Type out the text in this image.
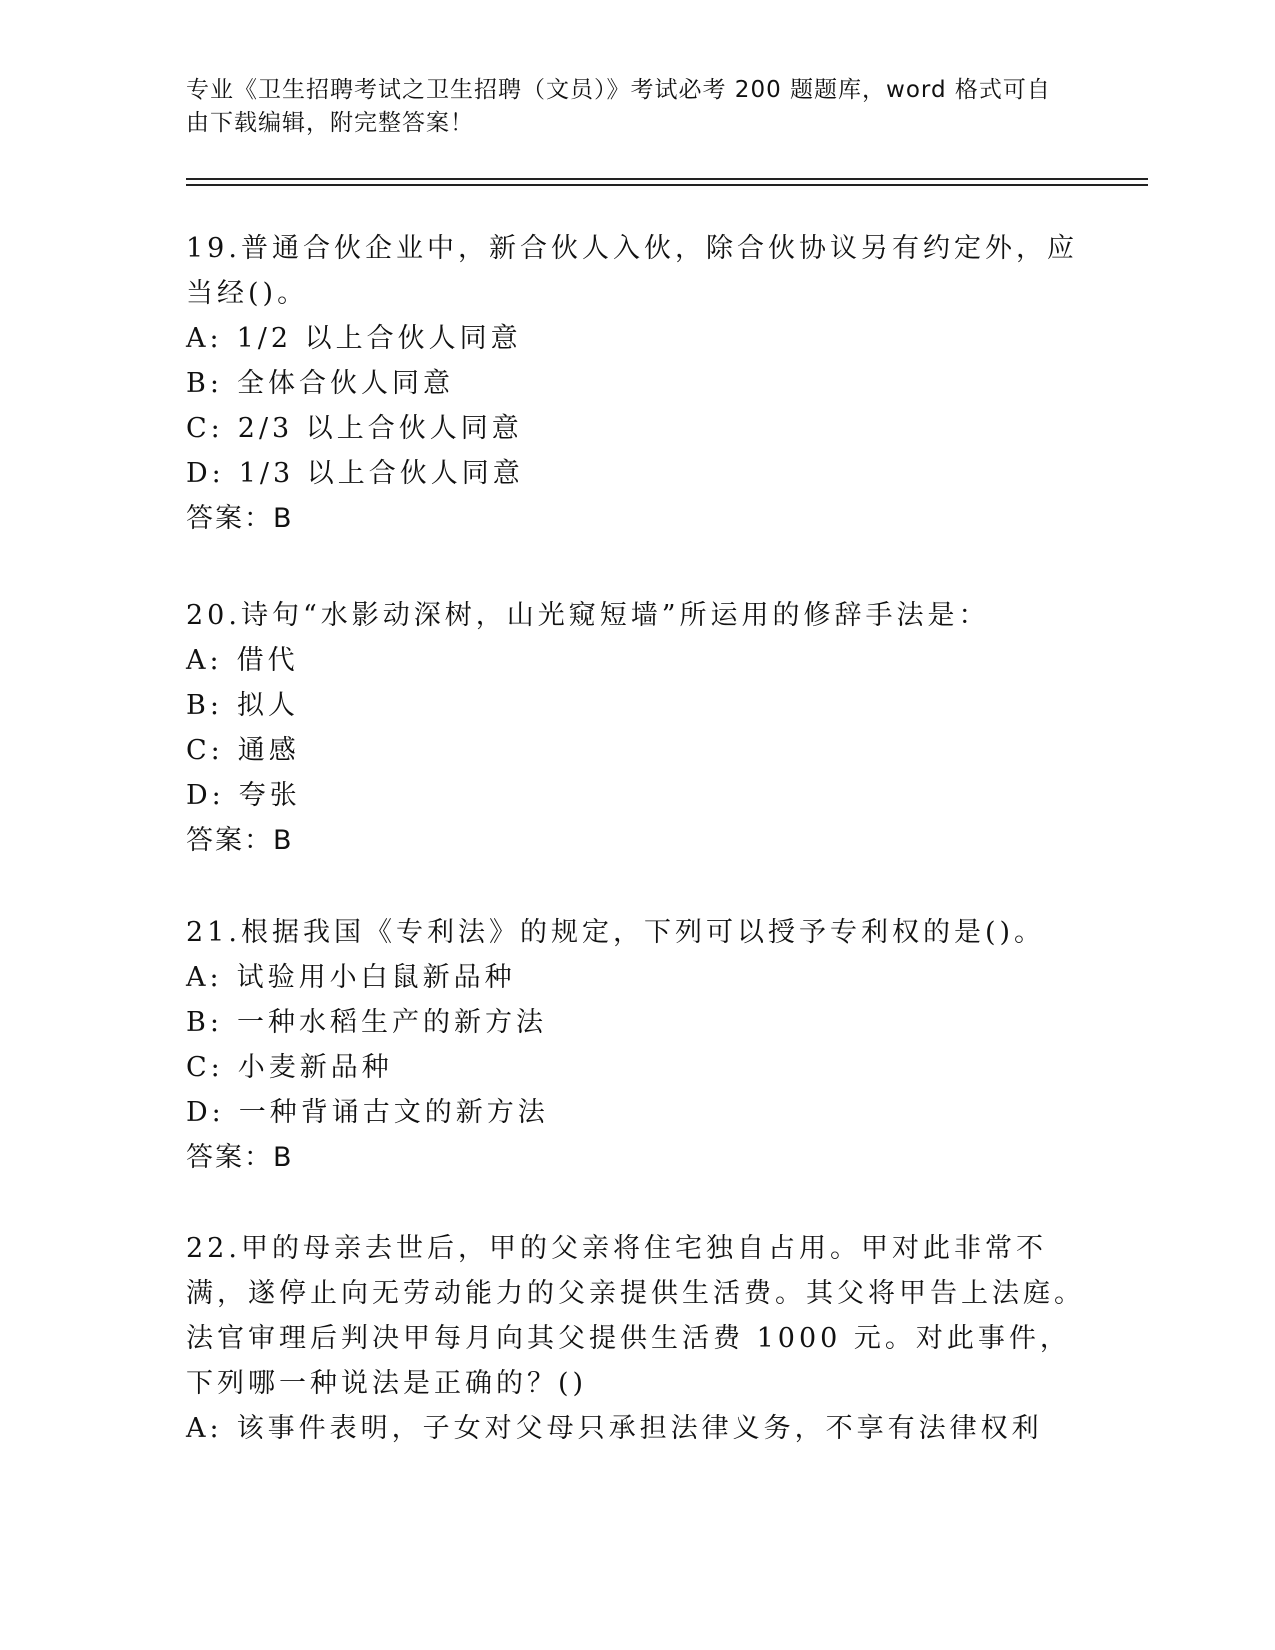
专业《卫生招聘考试之卫生招聘（文员）》考试必考 200 题题库，word 格式可自由下载编辑，附完整答案！

19.普通合伙企业中，新合伙人入伙，除合伙协议另有约定外，应当经()。

A: 1/2 以上合伙人同意

B: 全体合伙人同意

C: 2/3 以上合伙人同意

D: 1/3 以上合伙人同意

答案：B

20.诗句“水影动深树，山光窥短墙”所运用的修辞手法是：

A: 借代

B: 拟人

C: 通感

D: 夸张

答案：B

21.根据我国《专利法》的规定，下列可以授予专利权的是()。

A: 试验用小白鼠新品种

B: 一种水稻生产的新方法

C: 小麦新品种

D: 一种背诵古文的新方法

答案：B

22.甲的母亲去世后，甲的父亲将住宅独自占用。甲对此非常不满，遂停止向无劳动能力的父亲提供生活费。其父将甲告上法庭。法官审理后判决甲每月向其父提供生活费 1000 元。对此事件，下列哪一种说法是正确的？()

A: 该事件表明，子女对父母只承担法律义务，不享有法律权利
